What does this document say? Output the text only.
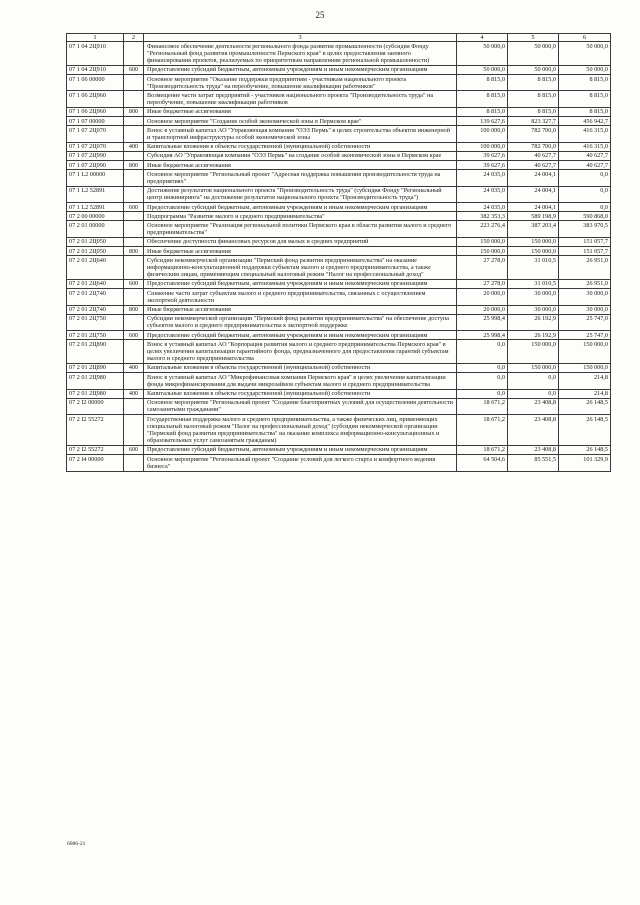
25
1	2	3	4	5	6
07 1 04 2Ц910		Финансовое обеспечение деятельности регионального фонда развития промышленности (субсидия Фонду "Региональный фонд развития промышленности Пермского края" в целях предоставления заемного финансирования проектов, реализуемых по приоритетным направлениям региональной промышленности)	50 000,0	50 000,0	50 000,0
07 1 04 2Ц910	600	Предоставление субсидий бюджетным, автономным учреждениям и иным некоммерческим организациям	50 000,0	50 000,0	50 000,0
07 1 06 00000		Основное мероприятие "Оказание поддержки предприятиям - участникам национального проекта "Производительность труда" на переобучение, повышение квалификации работников"	8 815,0	8 815,0	8 815,0
07 1 06 2Ц960		Возмещение части затрат предприятий - участников национального проекта "Производительность труда" на переобучение, повышение квалификации работников	8 815,0	8 815,0	8 815,0
07 1 06 2Ц960	800	Иные бюджетные ассигнования	8 815,0	8 815,0	8 815,0
07 1 07 00000		Основное мероприятие "Создание особой экономической зоны в Пермском крае"	139 627,6	823 327,7	456 942,7
07 1 07 2Ц070		Взнос в уставный капитал АО "Управляющая компания "ОЭЗ Пермь" в целях строительства объектов инженерной и транспортной инфраструктуры особой экономической зоны	100 000,0	782 700,0	416 315,0
07 1 07 2Ц070	400	Капитальные вложения в объекты государственной (муниципальной) собственности	100 000,0	782 700,0	416 315,0
07 1 07 2Ц990		Субсидия АО "Управляющая компания "ОЭЗ Пермь" на создание особой экономической зоны в Пермском крае	39 627,6	40 627,7	40 627,7
07 1 07 2Ц990	800	Иные бюджетные ассигнования	39 627,6	40 627,7	40 627,7
07 1 L2 00000		Основное мероприятие "Региональный проект "Адресная поддержка повышения производительности труда на предприятиях"	24 035,0	24 004,1	0,0
07 1 L2 52891		Достижение результатов национального проекта "Производительность труда" (субсидия Фонду "Региональный центр инжиниринга" на достижение результатов национального проекта "Производительность труда")	24 035,0	24 004,1	0,0
07 1 L2 52891	600	Предоставление субсидий бюджетным, автономным учреждениям и иным некоммерческим организациям	24 035,0	24 004,1	0,0
07 2 00 00000		Подпрограмма "Развитие малого и среднего предпринимательства"	382 353,3	589 198,9	590 868,0
07 2 01 00000		Основное мероприятие "Реализация региональной политики Пермского края в области развития малого и среднего предпринимательства"	223 276,4	387 203,4	383 970,5
07 2 01 2Ц050		Обеспечение доступности финансовых ресурсов для малых и средних предприятий	150 000,0	150 000,0	151 057,7
07 2 01 2Ц050	800	Иные бюджетные ассигнования	150 000,0	150 000,0	151 057,7
07 2 01 2Ц640		Субсидии некоммерческой организации "Пермский фонд развития предпринимательства" на оказание информационно-консультационной поддержки субъектам малого и среднего предпринимательства, а также физическим лицам, применяющим специальный налоговый режим "Налог на профессиональный доход"	27 278,0	31 010,5	26 951,0
07 2 01 2Ц640	600	Предоставление субсидий бюджетным, автономным учреждениям и иным некоммерческим организациям	27 278,0	31 010,5	26 951,0
07 2 01 2Ц740		Снижение части затрат субъектам малого и среднего предпринимательства, связанных с осуществлением экспортной деятельности	20 000,0	30 000,0	30 000,0
07 2 01 2Ц740	800	Иные бюджетные ассигнования	20 000,0	30 000,0	30 000,0
07 2 01 2Ц750		Субсидии некоммерческой организации "Пермский фонд развития предпринимательства" на обеспечение доступа субъектов малого и среднего предпринимательства к экспортной поддержке	25 998,4	26 192,9	25 747,0
07 2 01 2Ц750	600	Предоставление субсидий бюджетным, автономным учреждениям и иным некоммерческим организациям	25 998,4	26 192,9	25 747,0
07 2 01 2Ц890		Взнос в уставный капитал АО "Корпорация развития малого и среднего предпринимательства Пермского края" в целях увеличения капитализации гарантийного фонда, предназначенного для предоставления гарантий субъектам малого и среднего предпринимательства	0,0	150 000,0	150 000,0
07 2 01 2Ц890	400	Капитальные вложения в объекты государственной (муниципальной) собственности	0,0	150 000,0	150 000,0
07 2 01 2Ц980		Взнос в уставный капитал АО "Микрофинансовая компания Пермского края" в целях увеличения капитализации фонда микрофинансирования для выдачи микрозаймов субъектам малого и среднего предпринимательства	0,0	0,0	214,8
07 2 01 2Ц980	400	Капитальные вложения в объекты государственной (муниципальной) собственности	0,0	0,0	214,8
07 2 I2 00000		Основное мероприятие "Региональный проект "Создание благоприятных условий для осуществления деятельности самозанятыми гражданами"	18 671,2	23 408,8	26 148,5
07 2 I2 55272		Государственная поддержка малого и среднего предпринимательства, а также физических лиц, применяющих специальный налоговый режим "Налог на профессиональный доход" (субсидии некоммерческой организации "Пермский фонд развития предпринимательства" на оказание комплекса информационно-консультационных и образовательных услуг самозанятым гражданам)	18 671,2	23 408,8	26 148,5
07 2 I2 55272	600	Предоставление субсидий бюджетным, автономным учреждениям и иным некоммерческим организациям	18 671,2	23 408,8	26 148,5
07 2 I4 00000		Основное мероприятие "Региональный проект "Создание условий для легкого старта и комфортного ведения бизнеса"	64 504,6	85 551,5	101 329,9
6086-21
